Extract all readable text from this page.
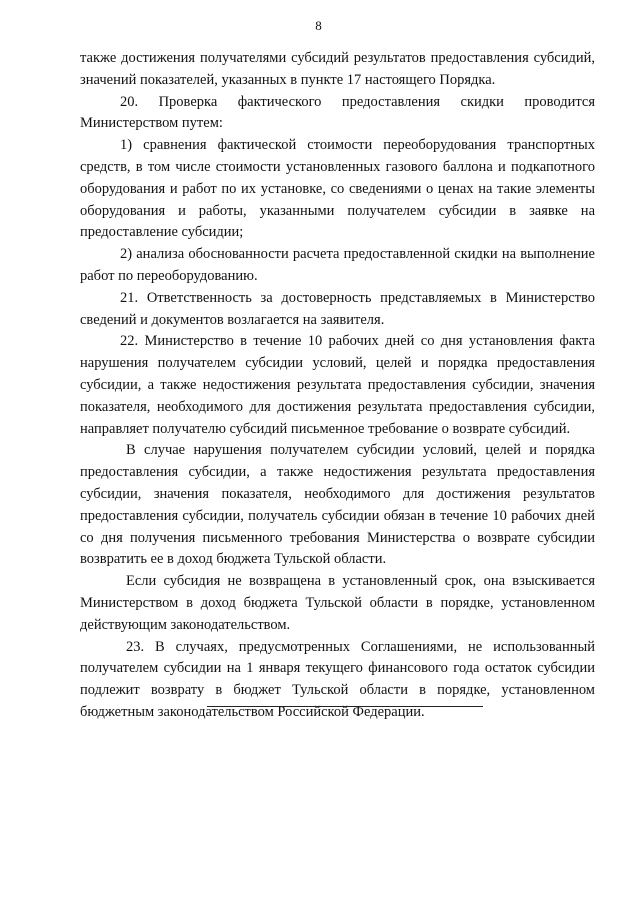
8

также достижения получателями субсидий результатов предоставления субсидий, значений показателей, указанных в пункте 17 настоящего Порядка.

20. Проверка фактического предоставления скидки проводится Министерством путем:

1) сравнения фактической стоимости переоборудования транспортных средств, в том числе стоимости установленных газового баллона и подкапотного оборудования и работ по их установке, со сведениями о ценах на такие элементы оборудования и работы, указанными получателем субсидии в заявке на предоставление субсидии;

2) анализа обоснованности расчета предоставленной скидки на выполнение работ по переоборудованию.

21. Ответственность за достоверность представляемых в Министерство сведений и документов возлагается на заявителя.

22. Министерство в течение 10 рабочих дней со дня установления факта нарушения получателем субсидии условий, целей и порядка предоставления субсидии, а также недостижения результата предоставления субсидии, значения показателя, необходимого для достижения результата предоставления субсидии, направляет получателю субсидий письменное требование о возврате субсидий.

В случае нарушения получателем субсидии условий, целей и порядка предоставления субсидии, а также недостижения результата предоставления субсидии, значения показателя, необходимого для достижения результатов предоставления субсидии, получатель субсидии обязан в течение 10 рабочих дней со дня получения письменного требования Министерства о возврате субсидии возвратить ее в доход бюджета Тульской области.

Если субсидия не возвращена в установленный срок, она взыскивается Министерством в доход бюджета Тульской области в порядке, установленном действующим законодательством.

23. В случаях, предусмотренных Соглашениями, не использованный получателем субсидии на 1 января текущего финансового года остаток субсидии подлежит возврату в бюджет Тульской области в порядке, установленном бюджетным законодательством Российской Федерации.
